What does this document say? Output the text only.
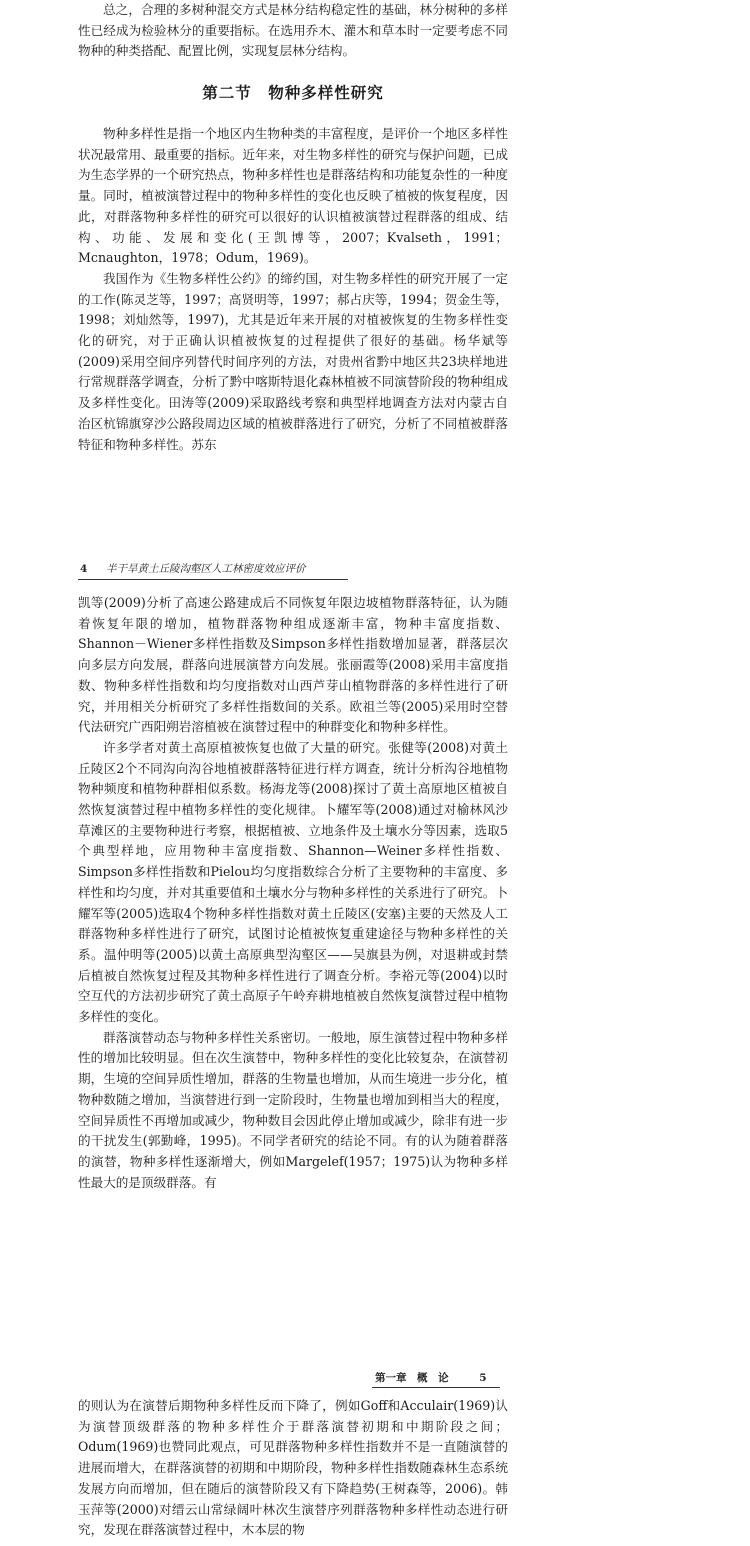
总之，合理的多树种混交方式是林分结构稳定性的基础，林分树种的多样性已经成为检验林分的重要指标。在选用乔木、灌木和草本时一定要考虑不同物种的种类搭配、配置比例，实现复层林分结构。

第二节　物种多样性研究

物种多样性是指一个地区内生物种类的丰富程度，是评价一个地区多样性状况最常用、最重要的指标。近年来，对生物多样性的研究与保护问题，已成为生态学界的一个研究热点，物种多样性也是群落结构和功能复杂性的一种度量。同时，植被演替过程中的物种多样性的变化也反映了植被的恢复程度，因此，对群落物种多样性的研究可以很好的认识植被演替过程群落的组成、结构、功能、发展和变化(王凯博等，2007；Kvalseth，1991；Mcnaughton，1978；Odum，1969)。

我国作为《生物多样性公约》的缔约国，对生物多样性的研究开展了一定的工作(陈灵芝等，1997；高贤明等，1997；郝占庆等，1994；贺金生等，1998；刘灿然等，1997)，尤其是近年来开展的对植被恢复的生物多样性变化的研究，对于正确认识植被恢复的过程提供了很好的基础。杨华斌等(2009)采用空间序列替代时间序列的方法，对贵州省黔中地区共23块样地进行常规群落学调查，分析了黔中喀斯特退化森林植被不同演替阶段的物种组成及多样性变化。田涛等(2009)采取路线考察和典型样地调查方法对内蒙古自治区杭锦旗穿沙公路段周边区域的植被群落进行了研究，分析了不同植被群落特征和物种多样性。苏东

4 半干旱黄土丘陵沟壑区人工林密度效应评价

凯等(2009)分析了高速公路建成后不同恢复年限边坡植物群落特征，认为随着恢复年限的增加，植物群落物种组成逐渐丰富，物种丰富度指数、Shannon－Wiener多样性指数及Simpson多样性指数增加显著，群落层次向多层方向发展，群落向进展演替方向发展。张丽霞等(2008)采用丰富度指数、物种多样性指数和均匀度指数对山西芦芽山植物群落的多样性进行了研究，并用相关分析研究了多样性指数间的关系。欧祖兰等(2005)采用时空替代法研究广西阳朔岩溶植被在演替过程中的种群变化和物种多样性。

许多学者对黄土高原植被恢复也做了大量的研究。张健等(2008)对黄土丘陵区2个不同沟向沟谷地植被群落特征进行样方调查，统计分析沟谷地植物物种频度和植物种群相似系数。杨海龙等(2008)探讨了黄土高原地区植被自然恢复演替过程中植物多样性的变化规律。卜耀军等(2008)通过对榆林风沙草滩区的主要物种进行考察，根据植被、立地条件及土壤水分等因素，选取5个典型样地，应用物种丰富度指数、Shannon—Weiner多样性指数、Simpson多样性指数和Pielou均匀度指数综合分析了主要物种的丰富度、多样性和均匀度，并对其重要值和土壤水分与物种多样性的关系进行了研究。卜耀军等(2005)选取4个物种多样性指数对黄土丘陵区(安塞)主要的天然及人工群落物种多样性进行了研究，试图讨论植被恢复重建途径与物种多样性的关系。温仲明等(2005)以黄土高原典型沟壑区——吴旗县为例，对退耕或封禁后植被自然恢复过程及其物种多样性进行了调查分析。李裕元等(2004)以时空互代的方法初步研究了黄土高原子午岭弃耕地植被自然恢复演替过程中植物多样性的变化。

群落演替动态与物种多样性关系密切。一般地，原生演替过程中物种多样性的增加比较明显。但在次生演替中，物种多样性的变化比较复杂，在演替初期，生境的空间异质性增加，群落的生物量也增加，从而生境进一步分化，植物种数随之增加，当演替进行到一定阶段时，生物量也增加到相当大的程度，空间异质性不再增加或减少，物种数目会因此停止增加或减少，除非有进一步的干扰发生(郭勤峰，1995)。不同学者研究的结论不同。有的认为随着群落的演替，物种多样性逐渐增大，例如Margelef(1957；1975)认为物种多样性最大的是顶级群落。有

第一章　概　论	5

的则认为在演替后期物种多样性反而下降了，例如Goff和Acculair(1969)认为演替顶级群落的物种多样性介于群落演替初期和中期阶段之间；Odum(1969)也赞同此观点，可见群落物种多样性指数并不是一直随演替的进展而增大，在群落演替的初期和中期阶段，物种多样性指数随森林生态系统发展方向而增加，但在随后的演替阶段又有下降趋势(王树森等，2006)。韩玉萍等(2000)对缙云山常绿阔叶林次生演替序列群落物种多样性动态进行研究，发现在群落演替过程中，木本层的物
